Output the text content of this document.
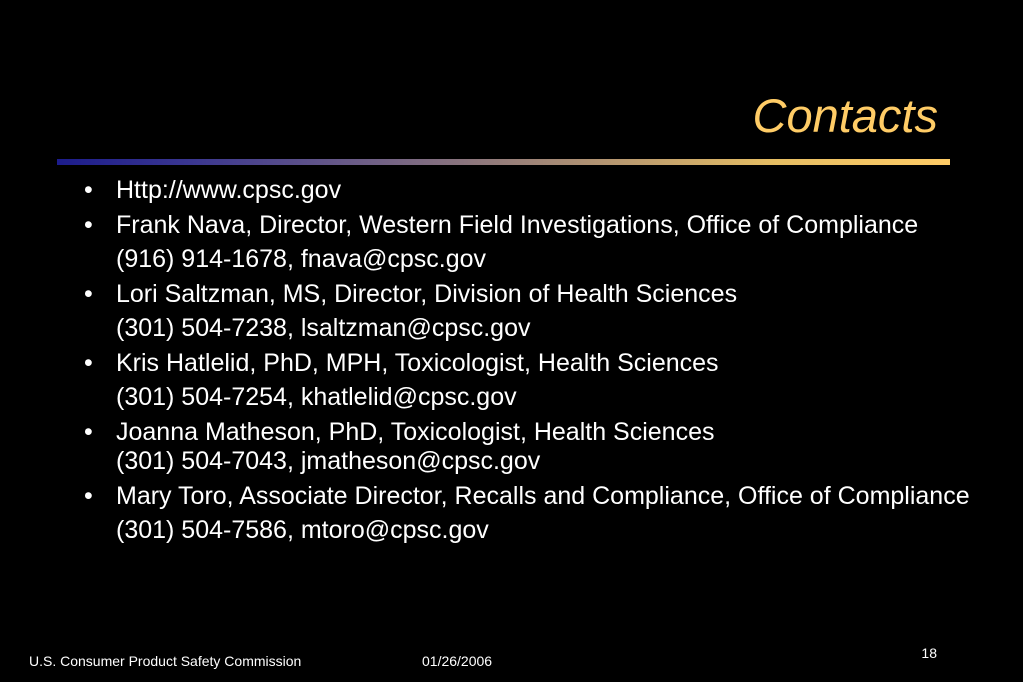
Contacts
• Http://www.cpsc.gov
• Frank Nava, Director, Western Field Investigations, Office of Compliance
(916) 914-1678, fnava@cpsc.gov
• Lori Saltzman, MS, Director, Division of Health Sciences
(301) 504-7238, lsaltzman@cpsc.gov
• Kris Hatlelid, PhD, MPH, Toxicologist, Health Sciences
(301) 504-7254, khatlelid@cpsc.gov
• Joanna Matheson, PhD, Toxicologist, Health Sciences
(301) 504-7043, jmatheson@cpsc.gov
• Mary Toro, Associate Director, Recalls and Compliance, Office of Compliance
(301) 504-7586, mtoro@cpsc.gov
U.S. Consumer Product Safety Commission	01/26/2006	18
